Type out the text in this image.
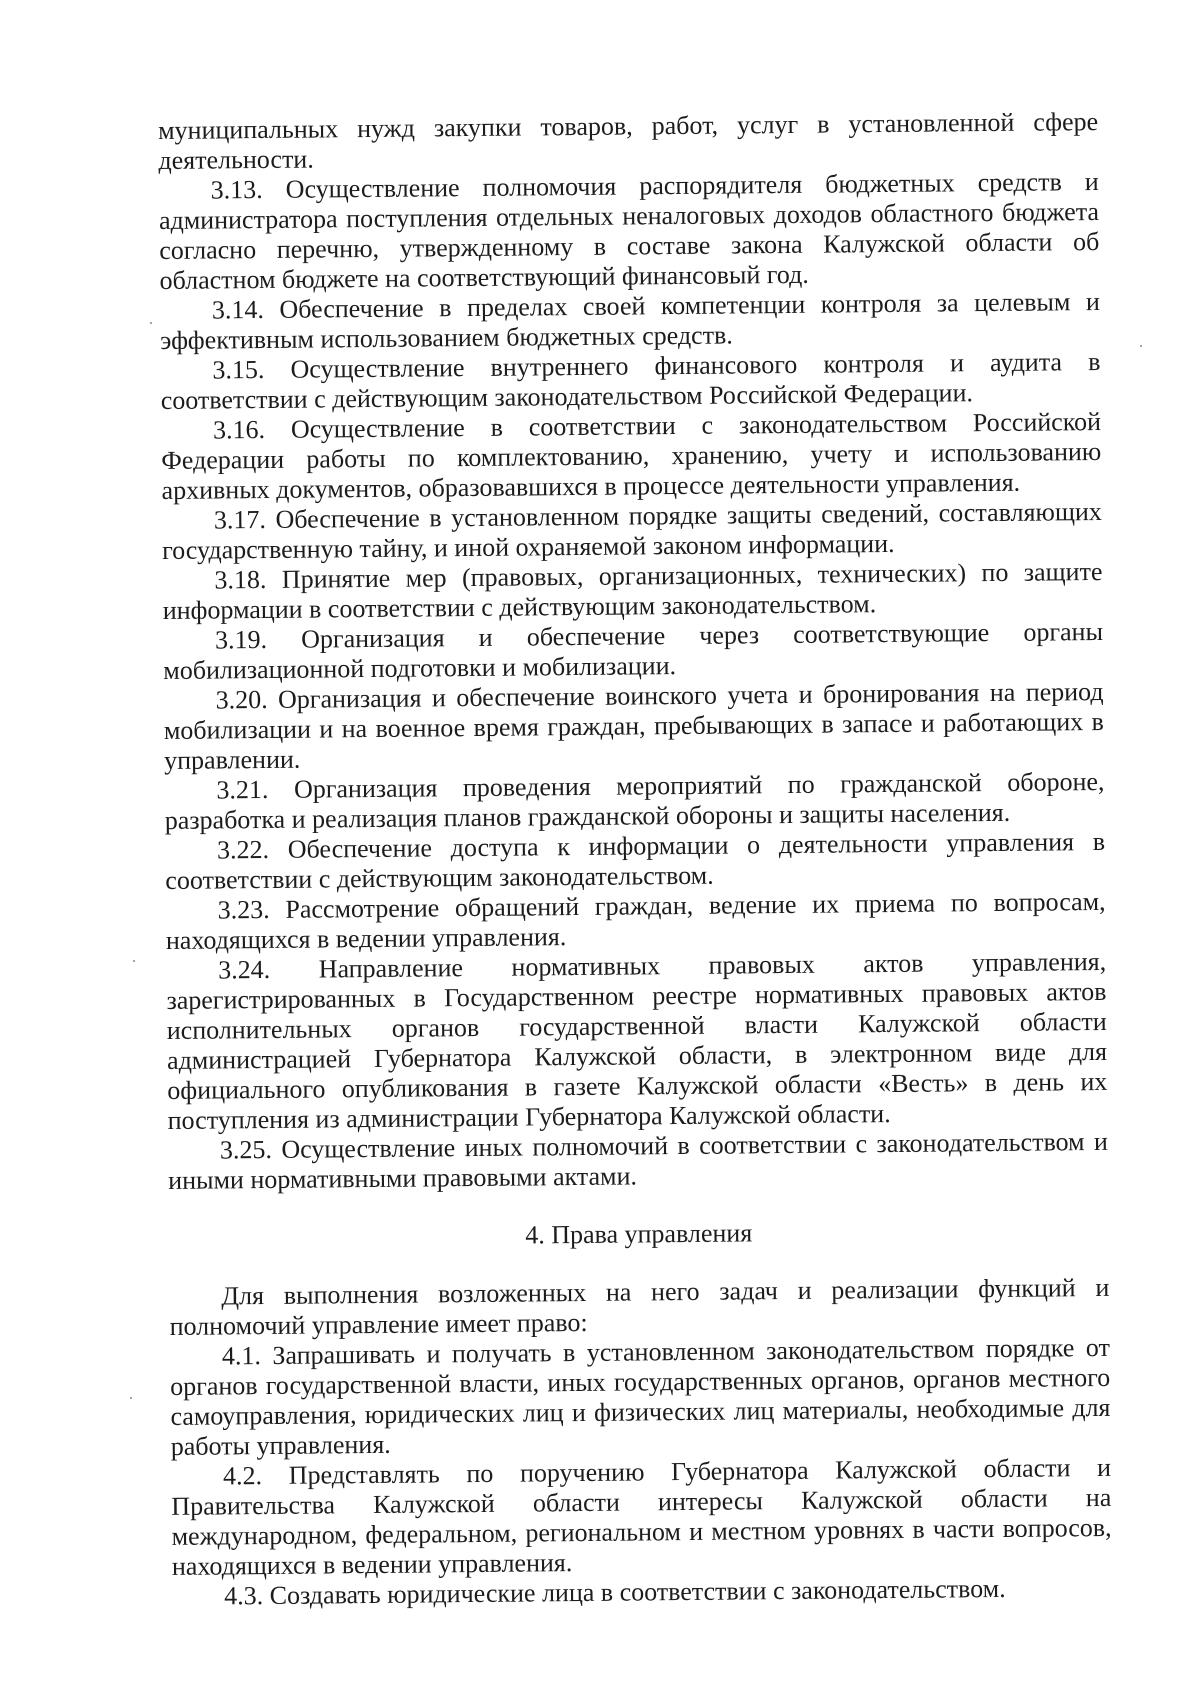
муниципальных нужд закупки товаров, работ, услуг в установленной сфере деятельности.

3.13. Осуществление полномочия распорядителя бюджетных средств и администратора поступления отдельных неналоговых доходов областного бюджета согласно перечню, утвержденному в составе закона Калужской области об областном бюджете на соответствующий финансовый год.

3.14. Обеспечение в пределах своей компетенции контроля за целевым и эффективным использованием бюджетных средств.

3.15. Осуществление внутреннего финансового контроля и аудита в соответствии с действующим законодательством Российской Федерации.

3.16. Осуществление в соответствии с законодательством Российской Федерации работы по комплектованию, хранению, учету и использованию архивных документов, образовавшихся в процессе деятельности управления.

3.17. Обеспечение в установленном порядке защиты сведений, составляющих государственную тайну, и иной охраняемой законом информации.

3.18. Принятие мер (правовых, организационных, технических) по защите информации в соответствии с действующим законодательством.

3.19. Организация и обеспечение через соответствующие органы мобилизационной подготовки и мобилизации.

3.20. Организация и обеспечение воинского учета и бронирования на период мобилизации и на военное время граждан, пребывающих в запасе и работающих в управлении.

3.21. Организация проведения мероприятий по гражданской обороне, разработка и реализация планов гражданской обороны и защиты населения.

3.22. Обеспечение доступа к информации о деятельности управления в соответствии с действующим законодательством.

3.23. Рассмотрение обращений граждан, ведение их приема по вопросам, находящихся в ведении управления.

3.24. Направление нормативных правовых актов управления, зарегистрированных в Государственном реестре нормативных правовых актов исполнительных органов государственной власти Калужской области администрацией Губернатора Калужской области, в электронном виде для официального опубликования в газете Калужской области «Весть» в день их поступления из администрации Губернатора Калужской области.

3.25. Осуществление иных полномочий в соответствии с законодательством и иными нормативными правовыми актами.

4. Права управления

Для выполнения возложенных на него задач и реализации функций и полномочий управление имеет право:

4.1. Запрашивать и получать в установленном законодательством порядке от органов государственной власти, иных государственных органов, органов местного самоуправления, юридических лиц и физических лиц материалы, необходимые для работы управления.

4.2. Представлять по поручению Губернатора Калужской области и Правительства Калужской области интересы Калужской области на международном, федеральном, региональном и местном уровнях в части вопросов, находящихся в ведении управления.

4.3. Создавать юридические лица в соответствии с законодательством.
